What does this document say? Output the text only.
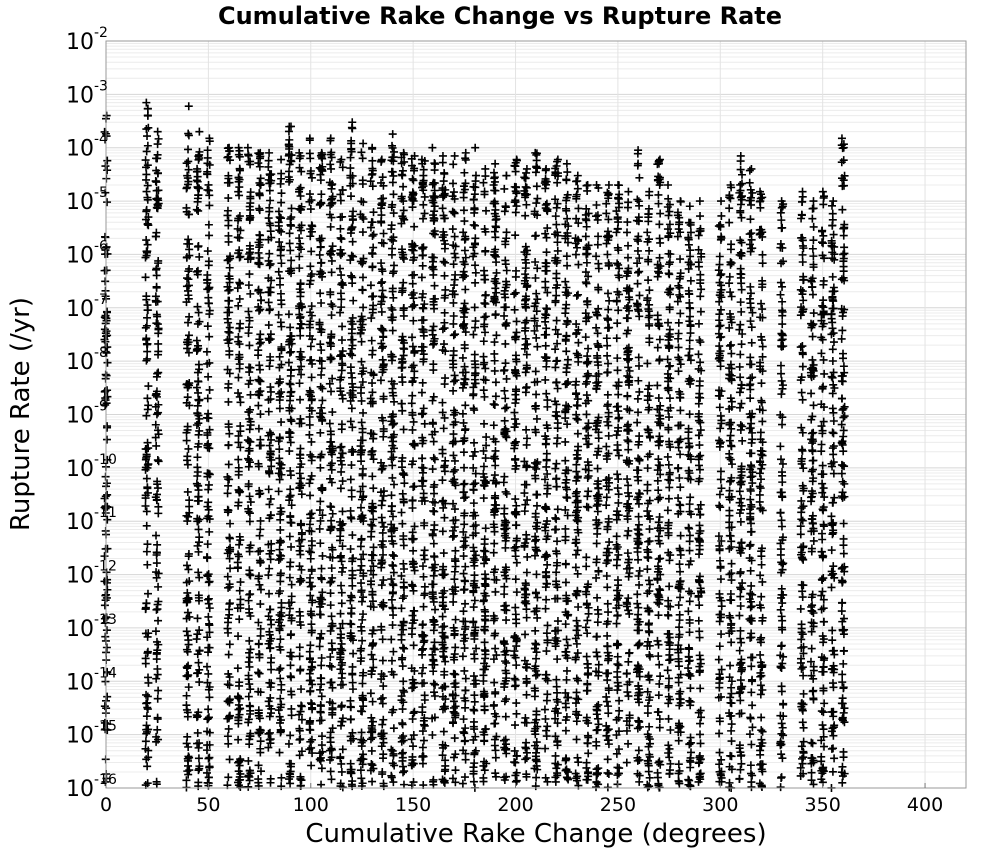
Cumulative Rake Change vs Rupture Rate
0	50	100	150	200	250	300	350	400
10-16
10-15
10-14
10-13
10-12
10-11
10-10
10-9
10-8
10-7
10-6
10-5
10-4
10-3
10-2
Cumulative Rake Change (degrees)
Rupture Rate (/yr)
